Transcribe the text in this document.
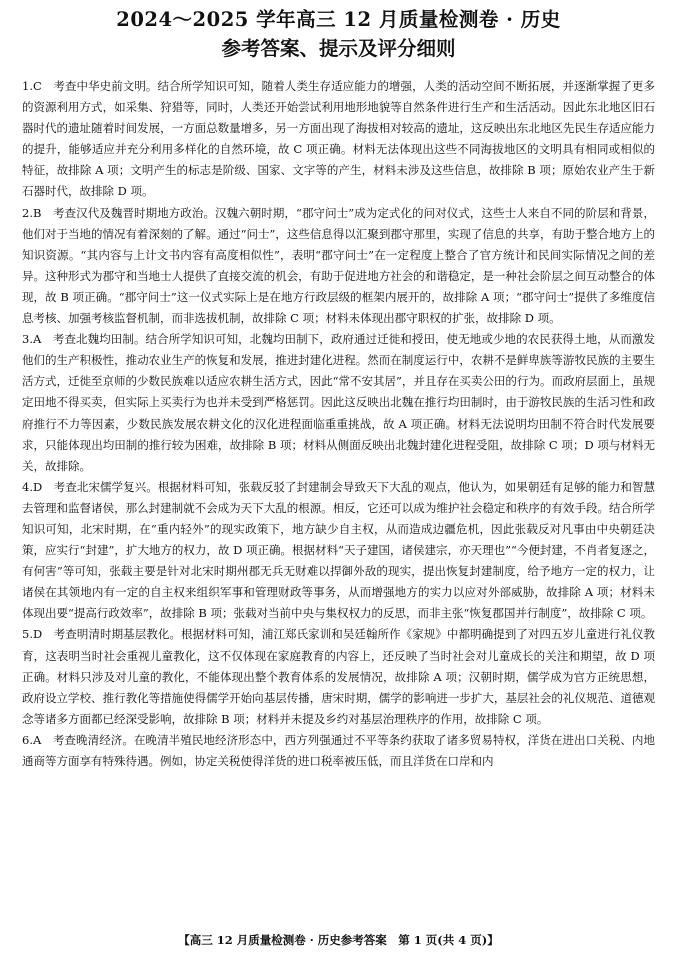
2024～2025 学年高三 12 月质量检测卷 · 历史
参考答案、提示及评分细则

1.C  考查中华史前文明。结合所学知识可知，随着人类生存适应能力的增强，人类的活动空间不断拓展，并逐渐掌握了更多的资源利用方式，如采集、狩猎等，同时，人类还开始尝试利用地形地貌等自然条件进行生产和生活活动。因此东北地区旧石器时代的遗址随着时间发展，一方面总数量增多，另一方面出现了海拔相对较高的遗址，这反映出东北地区先民生存适应能力的提升，能够适应并充分利用多样化的自然环境，故 C 项正确。材料无法体现出这些不同海拔地区的文明具有相同或相似的特征，故排除 A 项；文明产生的标志是阶级、国家、文字等的产生，材料未涉及这些信息，故排除 B 项；原始农业产生于新石器时代，故排除 D 项。

2.B  考查汉代及魏晋时期地方政治。汉魏六朝时期，“郡守问士”成为定式化的问对仪式，这些士人来自不同的阶层和背景，他们对于当地的情况有着深刻的了解。通过“问士”，这些信息得以汇聚到郡守那里，实现了信息的共享，有助于整合地方上的知识资源。“其内容与上计文书内容有高度相似性”，表明“郡守问士”在一定程度上整合了官方统计和民间实际情况之间的差异。这种形式为郡守和当地士人提供了直接交流的机会，有助于促进地方社会的和谐稳定，是一种社会阶层之间互动整合的体现，故 B 项正确。“郡守问士”这一仪式实际上是在地方行政层级的框架内展开的，故排除 A 项；“郡守问士”提供了多维度信息考核、加强考核监督机制，而非选拔机制，故排除 C 项；材料未体现出郡守职权的扩张，故排除 D 项。

3.A  考查北魏均田制。结合所学知识可知，北魏均田制下，政府通过迁徙和授田，使无地或少地的农民获得土地，从而激发他们的生产积极性，推动农业生产的恢复和发展，推进封建化进程。然而在制度运行中，农耕不是鲜卑族等游牧民族的主要生活方式，迁徙至京师的少数民族难以适应农耕生活方式，因此“常不安其居”，并且存在买卖公田的行为。而政府层面上，虽规定田地不得买卖，但实际上买卖行为也并未受到严格惩罚。因此这反映出北魏在推行均田制时，由于游牧民族的生活习性和政府推行不力等因素，少数民族发展农耕文化的汉化进程面临重重挑战，故 A 项正确。材料无法说明均田制不符合时代发展要求，只能体现出均田制的推行较为困难，故排除 B 项；材料从侧面反映出北魏封建化进程受阻，故排除 C 项；D 项与材料无关，故排除。

4.D  考查北宋儒学复兴。根据材料可知，张载反驳了封建制会导致天下大乱的观点，他认为，如果朝廷有足够的能力和智慧去管理和监督诸侯，那么封建制就不会成为天下大乱的根源。相反，它还可以成为维护社会稳定和秩序的有效手段。结合所学知识可知，北宋时期，在“重内轻外”的现实政策下，地方缺少自主权，从而造成边疆危机，因此张载反对凡事由中央朝廷决策，应实行“封建”，扩大地方的权力，故 D 项正确。根据材料“天子建国，诸侯建宗，亦天理也”“今便封建，不肖者复逐之，有何害”等可知，张载主要是针对北宋时期州郡无兵无财难以捍御外敌的现实，提出恢复封建制度，给予地方一定的权力，让诸侯在其领地内有一定的自主权来组织军事和管理财政等事务，从而增强地方的实力以应对外部威胁，故排除 A 项；材料未体现出要“提高行政效率”，故排除 B 项；张载对当前中央与集权权力的反思，而非主张“恢复郡国并行制度”，故排除 C 项。

5.D  考查明清时期基层教化。根据材料可知，浦江郑氏家训和吴廷翰所作《家规》中都明确提到了对四五岁儿童进行礼仪教育，这表明当时社会重视儿童教化，这不仅体现在家庭教育的内容上，还反映了当时社会对儿童成长的关注和期望，故 D 项正确。材料只涉及对儿童的教化，不能体现出整个教育体系的发展情况，故排除 A 项；汉朝时期，儒学成为官方正统思想，政府设立学校、推行教化等措施使得儒学开始向基层传播，唐宋时期，儒学的影响进一步扩大，基层社会的礼仪规范、道德观念等诸多方面都已经深受影响，故排除 B 项；材料并未提及乡约对基层治理秩序的作用，故排除 C 项。

6.A  考查晚清经济。在晚清半殖民地经济形态中，西方列强通过不平等条约获取了诸多贸易特权，洋货在进出口关税、内地通商等方面享有特殊待遇。例如，协定关税使得洋货的进口税率被压低，而且洋货在口岸和内

【高三 12 月质量检测卷 · 历史参考答案　第 1 页(共 4 页)】
